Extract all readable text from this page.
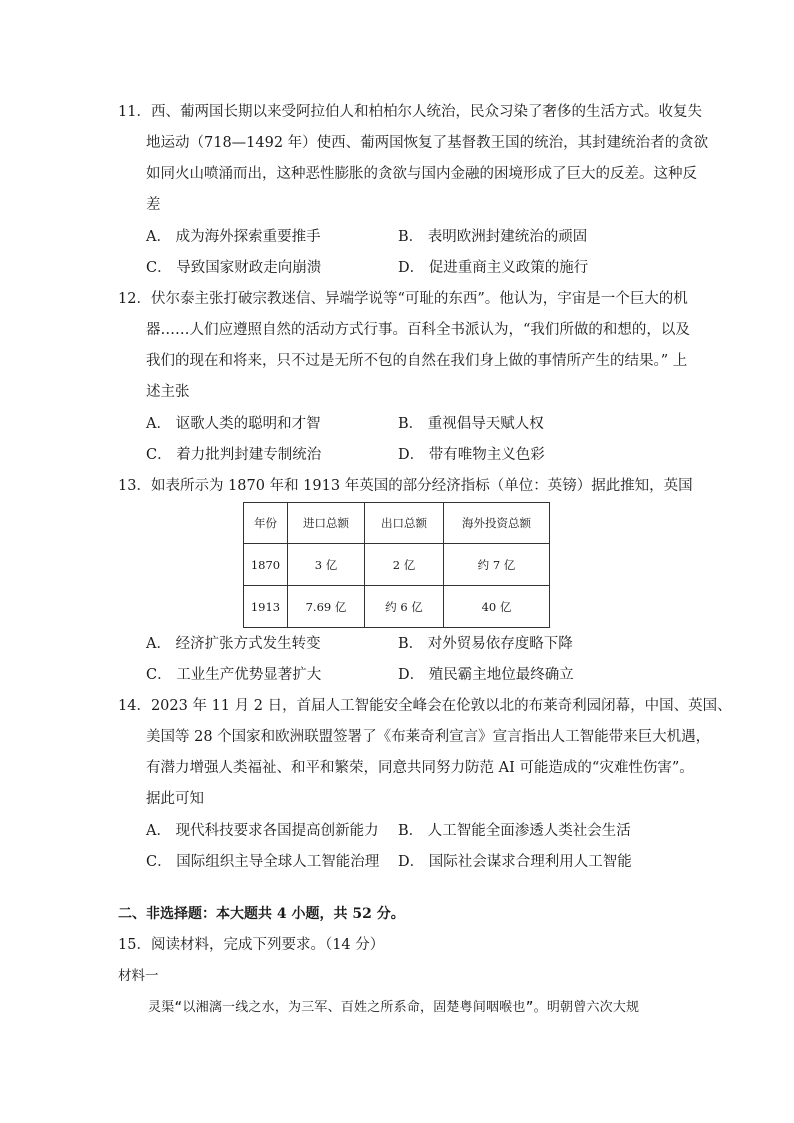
11．西、葡两国长期以来受阿拉伯人和柏柏尔人统治，民众习染了奢侈的生活方式。收复失
地运动（718—1492 年）使西、葡两国恢复了基督教王国的统治，其封建统治者的贪欲
如同火山喷涌而出，这种恶性膨胀的贪欲与国内金融的困境形成了巨大的反差。这种反
差
A． 成为海外探索重要推手	B． 表明欧洲封建统治的顽固
C． 导致国家财政走向崩溃	D． 促进重商主义政策的施行
12．伏尔泰主张打破宗教迷信、异端学说等“可耻的东西”。他认为，宇宙是一个巨大的机
器……人们应遵照自然的活动方式行事。百科全书派认为，“我们所做的和想的，以及
我们的现在和将来，只不过是无所不包的自然在我们身上做的事情所产生的结果。” 上
述主张
A． 讴歌人类的聪明和才智	B． 重视倡导天赋人权
C． 着力批判封建专制统治	D． 带有唯物主义色彩
13．如表所示为 1870 年和 1913 年英国的部分经济指标（单位：英镑）据此推知，英国
年份	进口总额	出口总额	海外投资总额
1870	3 亿	2 亿	约 7 亿
1913	7.69 亿	约 6 亿	40 亿
A． 经济扩张方式发生转变	B． 对外贸易依存度略下降
C． 工业生产优势显著扩大	D． 殖民霸主地位最终确立
14．2023 年 11 月 2 日，首届人工智能安全峰会在伦敦以北的布莱奇利园闭幕，中国、英国、
美国等 28 个国家和欧洲联盟签署了《布莱奇利宣言》宣言指出人工智能带来巨大机遇，
有潜力增强人类福祉、和平和繁荣，同意共同努力防范 AI 可能造成的“灾难性伤害”。
据此可知
A． 现代科技要求各国提高创新能力 B． 人工智能全面渗透人类社会生活
C． 国际组织主导全球人工智能治理 D． 国际社会谋求合理利用人工智能
二、非选择题：本大题共 4 小题，共 52 分。
15．阅读材料，完成下列要求。（14 分）
材料一
灵渠“以湘漓一线之水，为三军、百姓之所系命，固楚粤间咽喉也”。明朝曾六次大规
